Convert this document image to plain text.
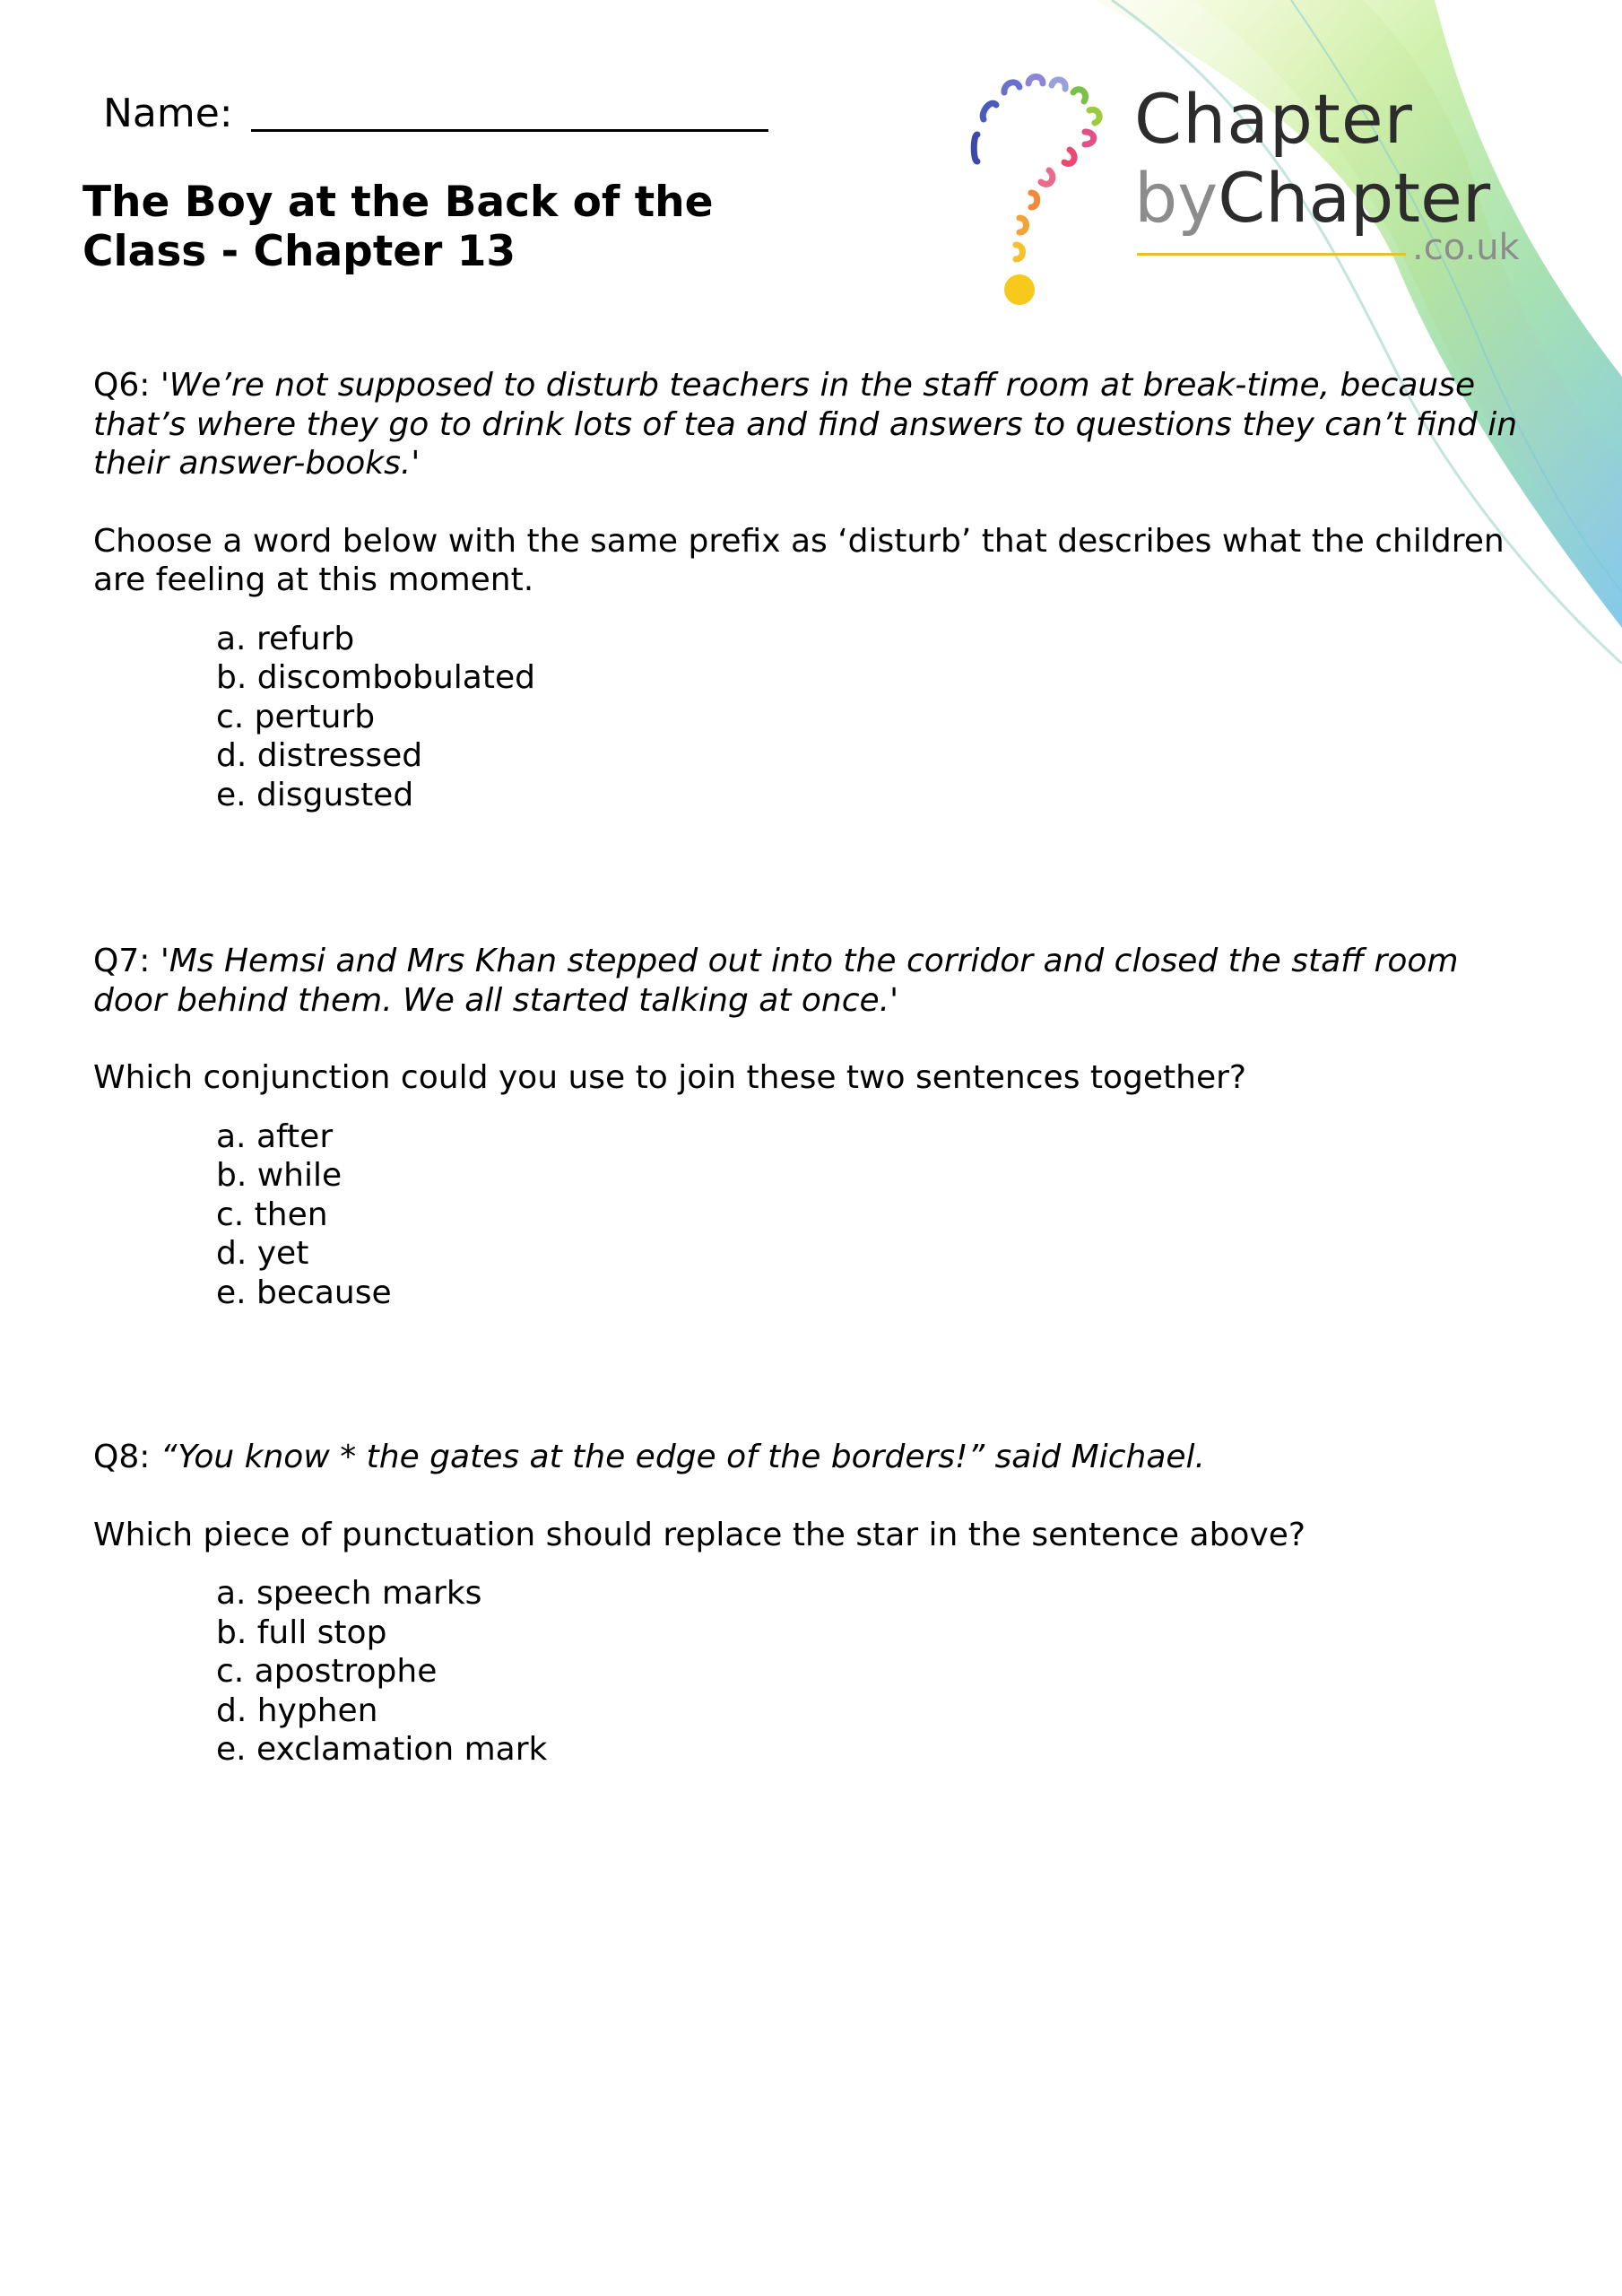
Chapter
byChapter
.co.uk
Name:
The Boy at the Back of the Class - Chapter 13

Q6: 'We’re not supposed to disturb teachers in the staff room at break-time, because that’s where they go to drink lots of tea and find answers to questions they can’t find in their answer-books.'

Choose a word below with the same prefix as ‘disturb’ that describes what the children are feeling at this moment.

a. refurb
b. discombobulated
c. perturb
d. distressed
e. disgusted

Q7: 'Ms Hemsi and Mrs Khan stepped out into the corridor and closed the staff room door behind them. We all started talking at once.'

Which conjunction could you use to join these two sentences together?

a. after
b. while
c. then
d. yet
e. because

Q8: “You know * the gates at the edge of the borders!” said Michael.

Which piece of punctuation should replace the star in the sentence above?

a. speech marks
b. full stop
c. apostrophe
d. hyphen
e. exclamation mark
